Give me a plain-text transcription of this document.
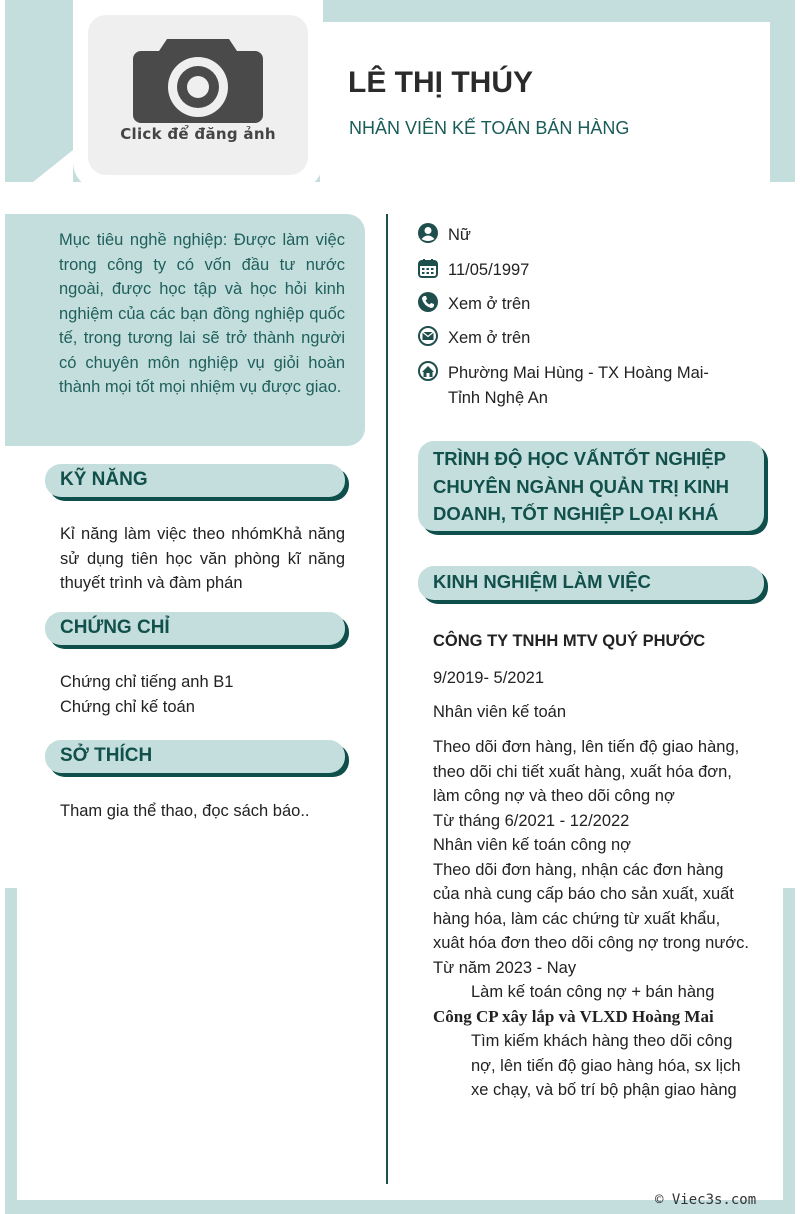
Click để đăng ảnh
LÊ THỊ THÚY
NHÂN VIÊN KẾ TOÁN BÁN HÀNG
Mục tiêu nghề nghiệp: Được làm việc trong công ty có vốn đầu tư nước ngoài, được học tập và học hỏi kinh nghiệm của các bạn đồng nghiệp quốc tế, trong tương lai sẽ trở thành người có chuyên môn nghiệp vụ giỏi hoàn thành mọi tốt mọi nhiệm vụ được giao.
KỸ NĂNG
Kỉ năng làm việc theo nhómKhả năng sử dụng tiên học văn phòng kĩ năng thuyết trình và đàm phán
CHỨNG CHỈ
Chứng chỉ tiếng anh B1
Chứng chỉ kế toán
SỞ THÍCH
Tham gia thể thao, đọc sách báo..
Nữ
11/05/1997
Xem ở trên
Xem ở trên
Phường Mai Hùng - TX Hoàng Mai- Tỉnh Nghệ An
TRÌNH ĐỘ HỌC VẤNTỐT NGHIỆP CHUYÊN NGÀNH QUẢN TRỊ KINH DOANH, TỐT NGHIỆP LOẠI KHÁ
KINH NGHIỆM LÀM VIỆC
CÔNG TY TNHH MTV QUÝ PHƯỚC
9/2019- 5/2021
Nhân viên kế toán
Theo dõi đơn hàng, lên tiến độ giao hàng, theo dõi chi tiết xuất hàng, xuất hóa đơn, làm công nợ và theo dõi công nợ
Từ tháng 6/2021 - 12/2022
Nhân viên kế toán công nợ
Theo dõi đơn hàng, nhận các đơn hàng của nhà cung cấp báo cho sản xuất, xuất hàng hóa, làm các chứng từ xuất khẩu, xuât hóa đơn theo dõi công nợ trong nước.
Từ năm 2023 - Nay
Làm kế toán công nợ + bán hàng
Công CP xây lắp và VLXD Hoàng Mai
Tìm kiếm khách hàng theo dõi công nợ, lên tiến độ giao hàng hóa, sx lịch xe chạy, và bố trí bộ phận giao hàng
© Viec3s.com
